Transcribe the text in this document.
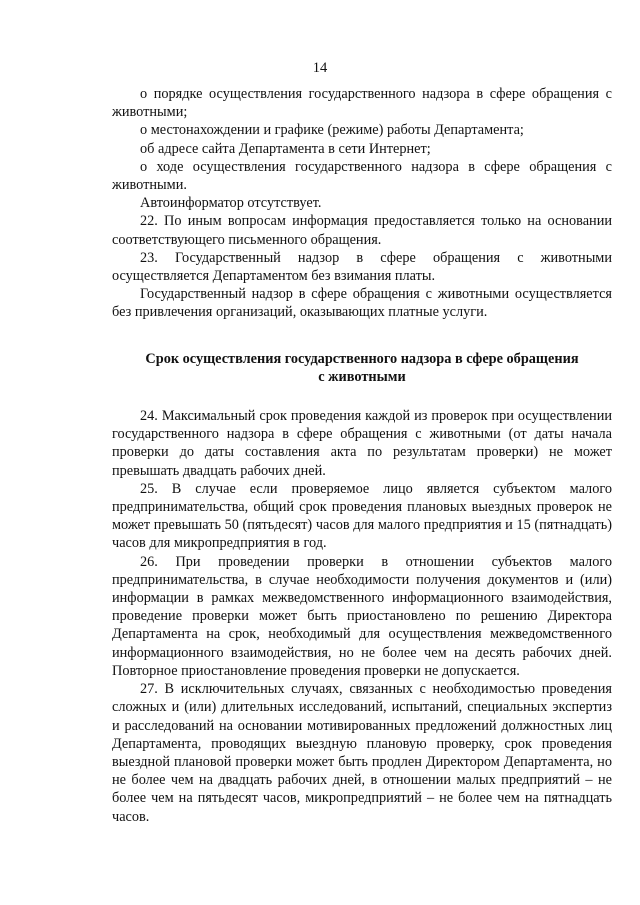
14

о порядке осуществления государственного надзора в сфере обращения с животными;

о местонахождении и графике (режиме) работы Департамента;

об адресе сайта Департамента в сети Интернет;

о ходе осуществления государственного надзора в сфере обращения с животными.

Автоинформатор отсутствует.

22. По иным вопросам информация предоставляется только на основании соответствующего письменного обращения.

23. Государственный надзор в сфере обращения с животными осуществляется Департаментом без взимания платы.

Государственный надзор в сфере обращения с животными осуществляется без привлечения организаций, оказывающих платные услуги.

Срок осуществления государственного надзора в сфере обращения
с животными

24. Максимальный срок проведения каждой из проверок при осуществлении государственного надзора в сфере обращения с животными (от даты начала проверки до даты составления акта по результатам проверки) не может превышать двадцать рабочих дней.

25. В случае если проверяемое лицо является субъектом малого предпринимательства, общий срок проведения плановых выездных проверок не может превышать 50 (пятьдесят) часов для малого предприятия и 15 (пятнадцать) часов для микропредприятия в год.

26. При проведении проверки в отношении субъектов малого предпринимательства, в случае необходимости получения документов и (или) информации в рамках межведомственного информационного взаимодействия, проведение проверки может быть приостановлено по решению Директора Департамента на срок, необходимый для осуществления межведомственного информационного взаимодействия, но не более чем на десять рабочих дней. Повторное приостановление проведения проверки не допускается.

27. В исключительных случаях, связанных с необходимостью проведения сложных и (или) длительных исследований, испытаний, специальных экспертиз и расследований на основании мотивированных предложений должностных лиц Департамента, проводящих выездную плановую проверку, срок проведения выездной плановой проверки может быть продлен Директором Департамента, но не более чем на двадцать рабочих дней, в отношении малых предприятий – не более чем на пятьдесят часов, микропредприятий – не более чем на пятнадцать часов.
